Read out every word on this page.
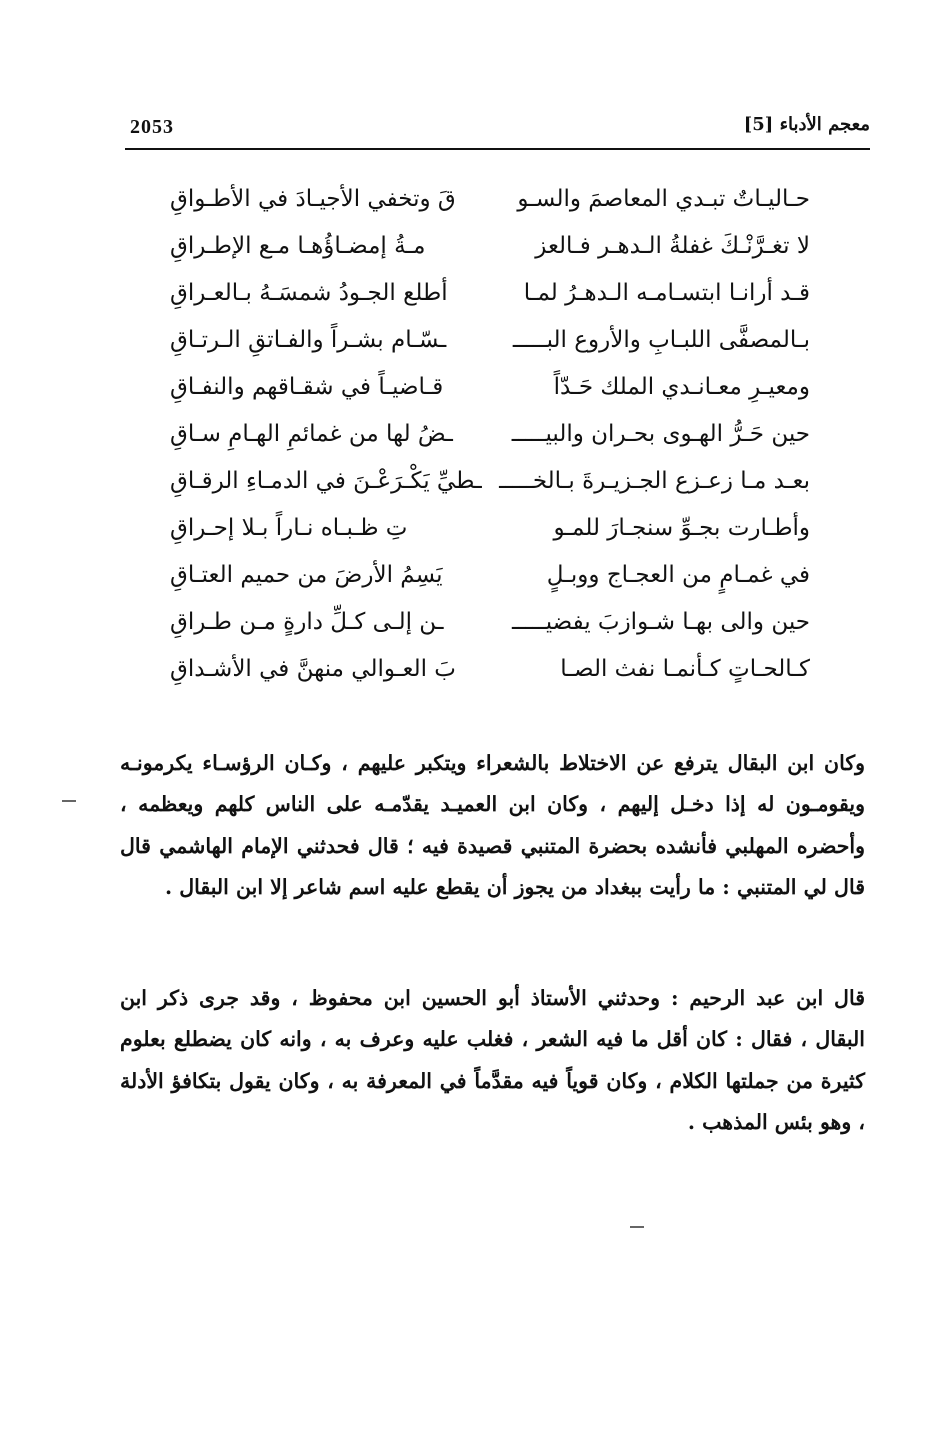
2053	معجم الأدباء [5]
حـاليـاتٌ تبـدي المعاصمَ والسـو
قَ وتخفي الأجيـادَ في الأطـواقِ
لا تغـرَّنْـكَ غفلةُ الـدهـر فـالعز
مـةُ إمضـاؤُهـا مـع الإطـراقِ
قـد أرانـا ابتسـامـه الـدهـرُ لمـا
أطلع الجـودُ شمسَـهُ بـالعـراقِ
بـالمصفَّى اللبـابِ والأروع البـــــ
ـسّـام بشـراً والفـاتقِ الـرتـاقِ
ومعيـرِ معـانـدي الملك حَـدّاً
قـاضيـاً في شقـاقهم والنفـاقِ
حين حَـرُّ الهـوى بحـران والبيـــــ
ـضُ لها من غمائمِ الهـامِ سـاقِ
بعـد مـا زعـزع الجـزيـرةَ بـالخـــــ
ـطيِّ يَكْـرَعْـنَ في الدمـاءِ الرقـاقِ
وأطـارت بجـوِّ سنجـارَ للمـو
تِ ظـبـاه نـاراً بـلا إحـراقِ
في غمـامٍ من العجـاج ووبـلٍ
يَسِمُ الأرضَ من حميم العتـاقِ
حين والى بهـا شـوازبَ يفضيـــــ
ـن إلـى كـلِّ دارةٍ مـن طـراقِ
كـالحـاتٍ كـأنمـا نفث الصـا
بَ العـوالي منهنَّ في الأشـداقِ

وكان ابن البقال يترفع عن الاختلاط بالشعراء ويتكبر عليهم ، وكـان الرؤسـاء يكرمونـه ويقومـون له إذا دخـل إليهم ، وكان ابن العميـد يقدّمـه على الناس كلهم ويعظمه ، وأحضره المهلبي فأنشده بحضرة المتنبي قصيدة فيه ؛ قال فحدثني الإمام الهاشمي قال قال لي المتنبي : ما رأيت ببغداد من يجوز أن يقطع عليه اسم شاعر إلا ابن البقال .

قال ابن عبد الرحيم : وحدثني الأستاذ أبو الحسين ابن محفوظ ، وقد جرى ذكر ابن البقال ، فقال : كان أقل ما فيه الشعر ، فغلب عليه وعرف به ، وانه كان يضطلع بعلوم كثيرة من جملتها الكلام ، وكان قوياً فيه مقدَّماً في المعرفة به ، وكان يقول بتكافؤ الأدلة ، وهو بئس المذهب .
